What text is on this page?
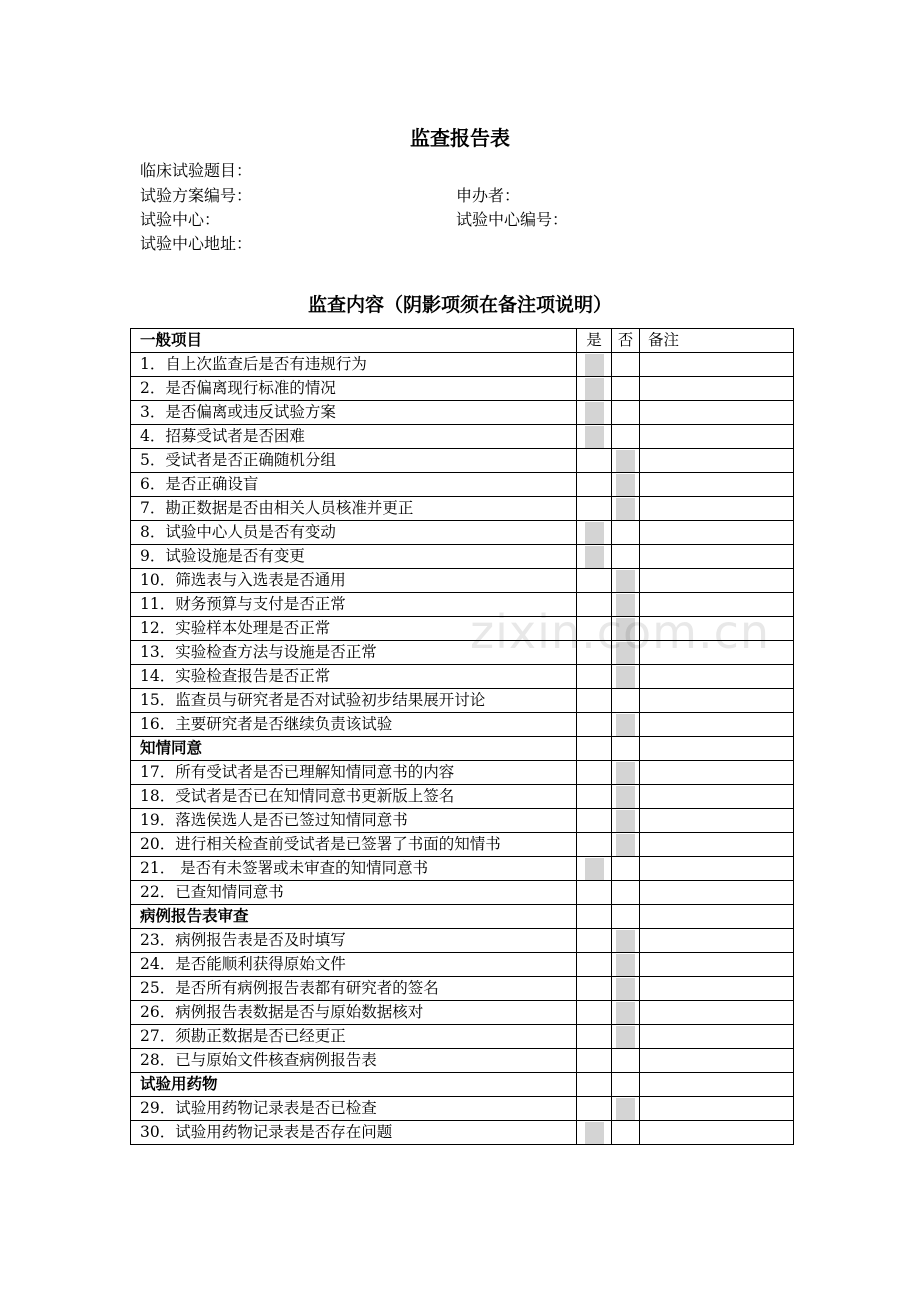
监查报告表
临床试验题目：
试验方案编号：	申办者：
试验中心：	试验中心编号：
试验中心地址：
监查内容（阴影项须在备注项说明）
一般项目	是	否	备注
1．自上次监查后是否有违规行为	

2．是否偏离现行标准的情况	

3．是否偏离或违反试验方案	

4．招募受试者是否困难	

5．受试者是否正确随机分组		

6．是否正确设盲		

7．勘正数据是否由相关人员核准并更正		

8．试验中心人员是否有变动	

9．试验设施是否有变更	

10．筛选表与入选表是否通用		

11．财务预算与支付是否正常		

12．实验样本处理是否正常		

13．实验检查方法与设施是否正常		

14．实验检查报告是否正常		

15．监查员与研究者是否对试验初步结果展开讨论			
16．主要研究者是否继续负责该试验		

知情同意			
17．所有受试者是否已理解知情同意书的内容		

18．受试者是否已在知情同意书更新版上签名		

19．落选侯选人是否已签过知情同意书		

20．进行相关检查前受试者是已签署了书面的知情书		

21． 是否有未签署或未审查的知情同意书	

22．已查知情同意书			
病例报告表审查			
23．病例报告表是否及时填写		

24．是否能顺利获得原始文件		

25．是否所有病例报告表都有研究者的签名		

26．病例报告表数据是否与原始数据核对		

27．须勘正数据是否已经更正		

28．已与原始文件核查病例报告表			
试验用药物			
29．试验用药物记录表是否已检查		

30．试验用药物记录表是否存在问题	

zixin.com.cn
